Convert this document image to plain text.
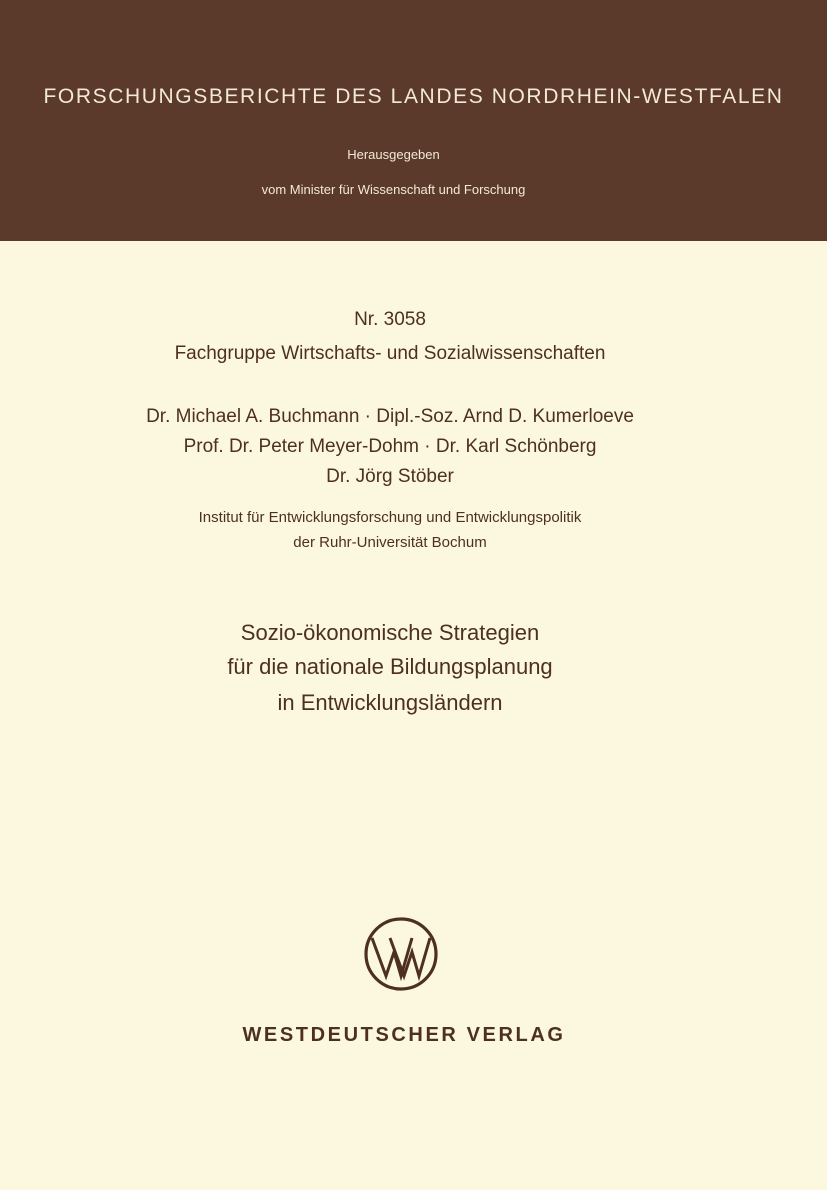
FORSCHUNGSBERICHTE DES LANDES NORDRHEIN-WESTFALEN
Herausgegeben
vom Minister für Wissenschaft und Forschung
Nr. 3058
Fachgruppe Wirtschafts- und Sozialwissenschaften
Dr. Michael A. Buchmann · Dipl.-Soz. Arnd D. Kumerloeve
Prof. Dr. Peter Meyer-Dohm · Dr. Karl Schönberg
Dr. Jörg Stöber
Institut für Entwicklungsforschung und Entwicklungspolitik
der Ruhr-Universität Bochum
Sozio-ökonomische Strategien
für die nationale Bildungsplanung
in Entwicklungsländern
WESTDEUTSCHER VERLAG
